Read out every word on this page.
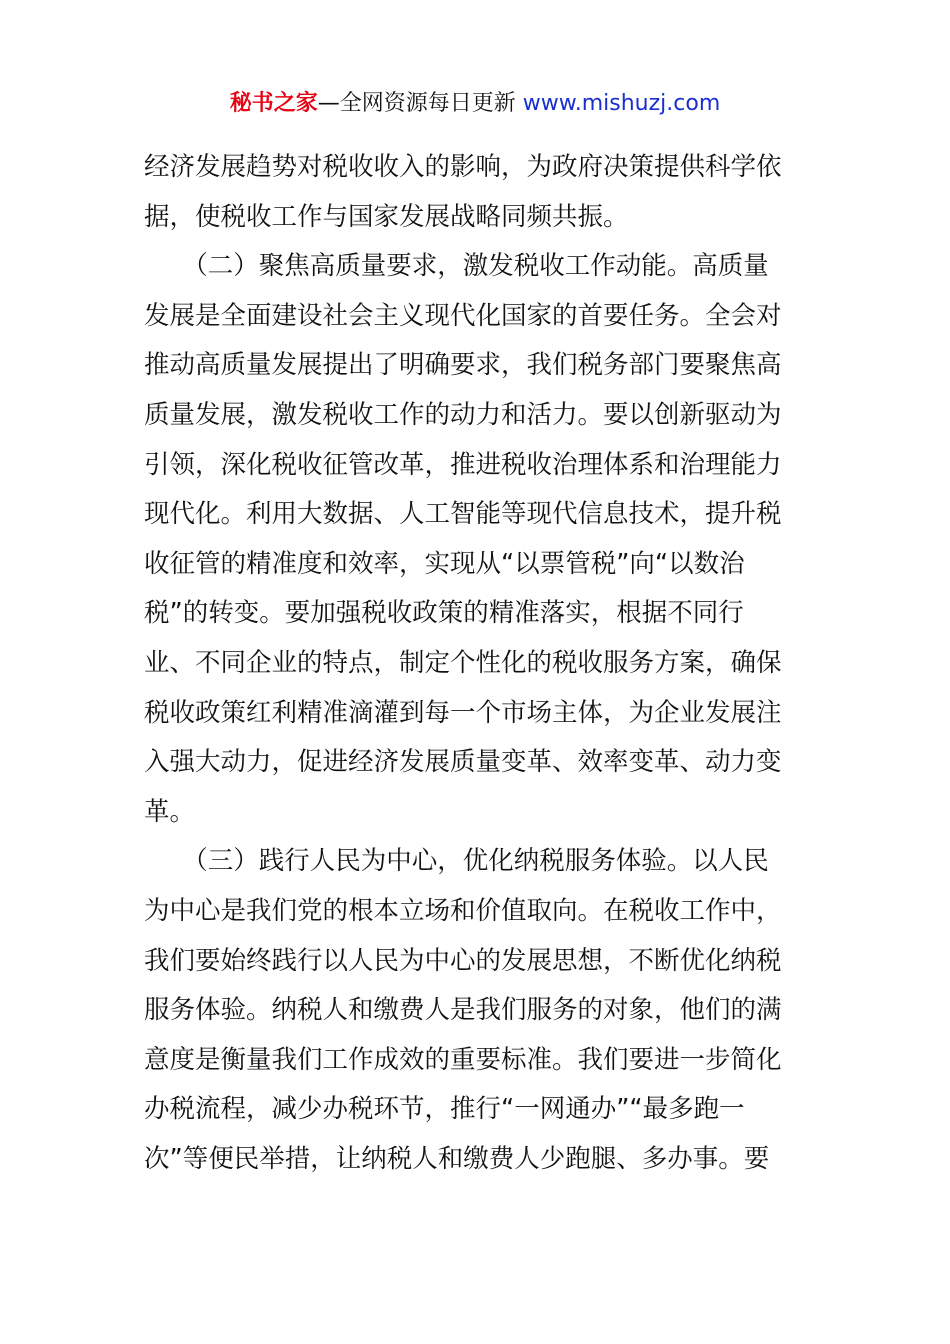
秘书之家—全网资源每日更新 www.mishuzj.com
经济发展趋势对税收收入的影响，为政府决策提供科学依
据，使税收工作与国家发展战略同频共振。
　　（二）聚焦高质量要求，激发税收工作动能。高质量
发展是全面建设社会主义现代化国家的首要任务。全会对
推动高质量发展提出了明确要求，我们税务部门要聚焦高
质量发展，激发税收工作的动力和活力。要以创新驱动为
引领，深化税收征管改革，推进税收治理体系和治理能力
现代化。利用大数据、人工智能等现代信息技术，提升税
收征管的精准度和效率，实现从“以票管税”向“以数治
税”的转变。要加强税收政策的精准落实，根据不同行
业、不同企业的特点，制定个性化的税收服务方案，确保
税收政策红利精准滴灌到每一个市场主体，为企业发展注
入强大动力，促进经济发展质量变革、效率变革、动力变
革。
　　（三）践行人民为中心，优化纳税服务体验。以人民
为中心是我们党的根本立场和价值取向。在税收工作中，
我们要始终践行以人民为中心的发展思想，不断优化纳税
服务体验。纳税人和缴费人是我们服务的对象，他们的满
意度是衡量我们工作成效的重要标准。我们要进一步简化
办税流程，减少办税环节，推行“一网通办”“最多跑一
次”等便民举措，让纳税人和缴费人少跑腿、多办事。要
